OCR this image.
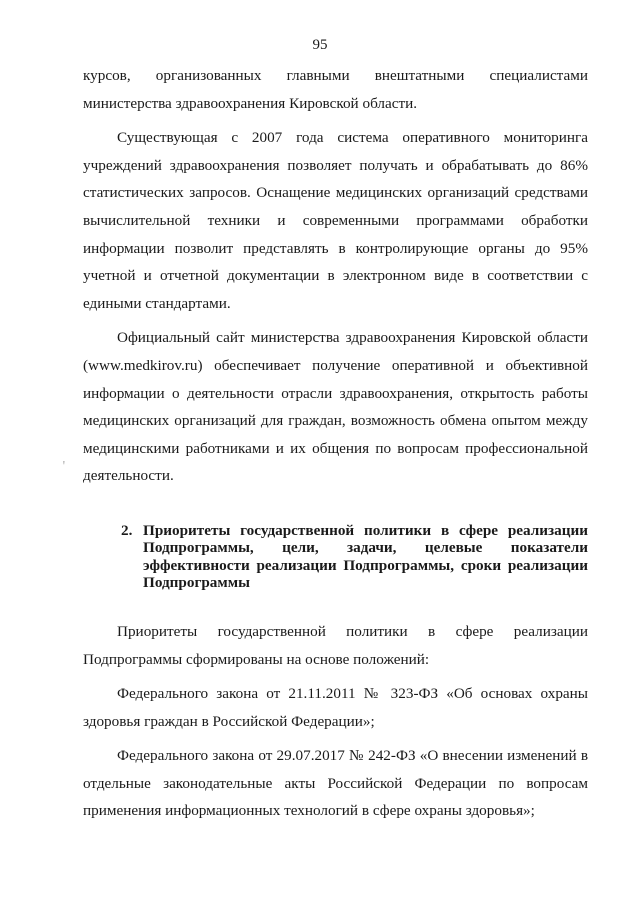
95
ꞌ

курсов, организованных главными внештатными специалистами министерства здравоохранения Кировской области.

Существующая с 2007 года система оперативного мониторинга учреждений здравоохранения позволяет получать и обрабатывать до 86% статистических запросов. Оснащение медицинских организаций средствами вычислительной техники и современными программами обработки информации позволит представлять в контролирующие органы до 95% учетной и отчетной документации в электронном виде в соответствии с едиными стандартами.

Официальный сайт министерства здравоохранения Кировской области (www.medkirov.ru) обеспечивает получение оперативной и объективной информации о деятельности отрасли здравоохранения, открытость работы медицинских организаций для граждан, возможность обмена опытом между медицинскими работниками и их общения по вопросам профессиональной деятельности.

2. Приоритеты государственной политики в сфере реализации Подпрограммы, цели, задачи, целевые показатели эффективности реализации Подпрограммы, сроки реализации Подпрограммы

Приоритеты государственной политики в сфере реализации Подпрограммы сформированы на основе положений:

Федерального закона от 21.11.2011 № 323-ФЗ «Об основах охраны здоровья граждан в Российской Федерации»;

Федерального закона от 29.07.2017 № 242-ФЗ «О внесении изменений в отдельные законодательные акты Российской Федерации по вопросам применения информационных технологий в сфере охраны здоровья»;
